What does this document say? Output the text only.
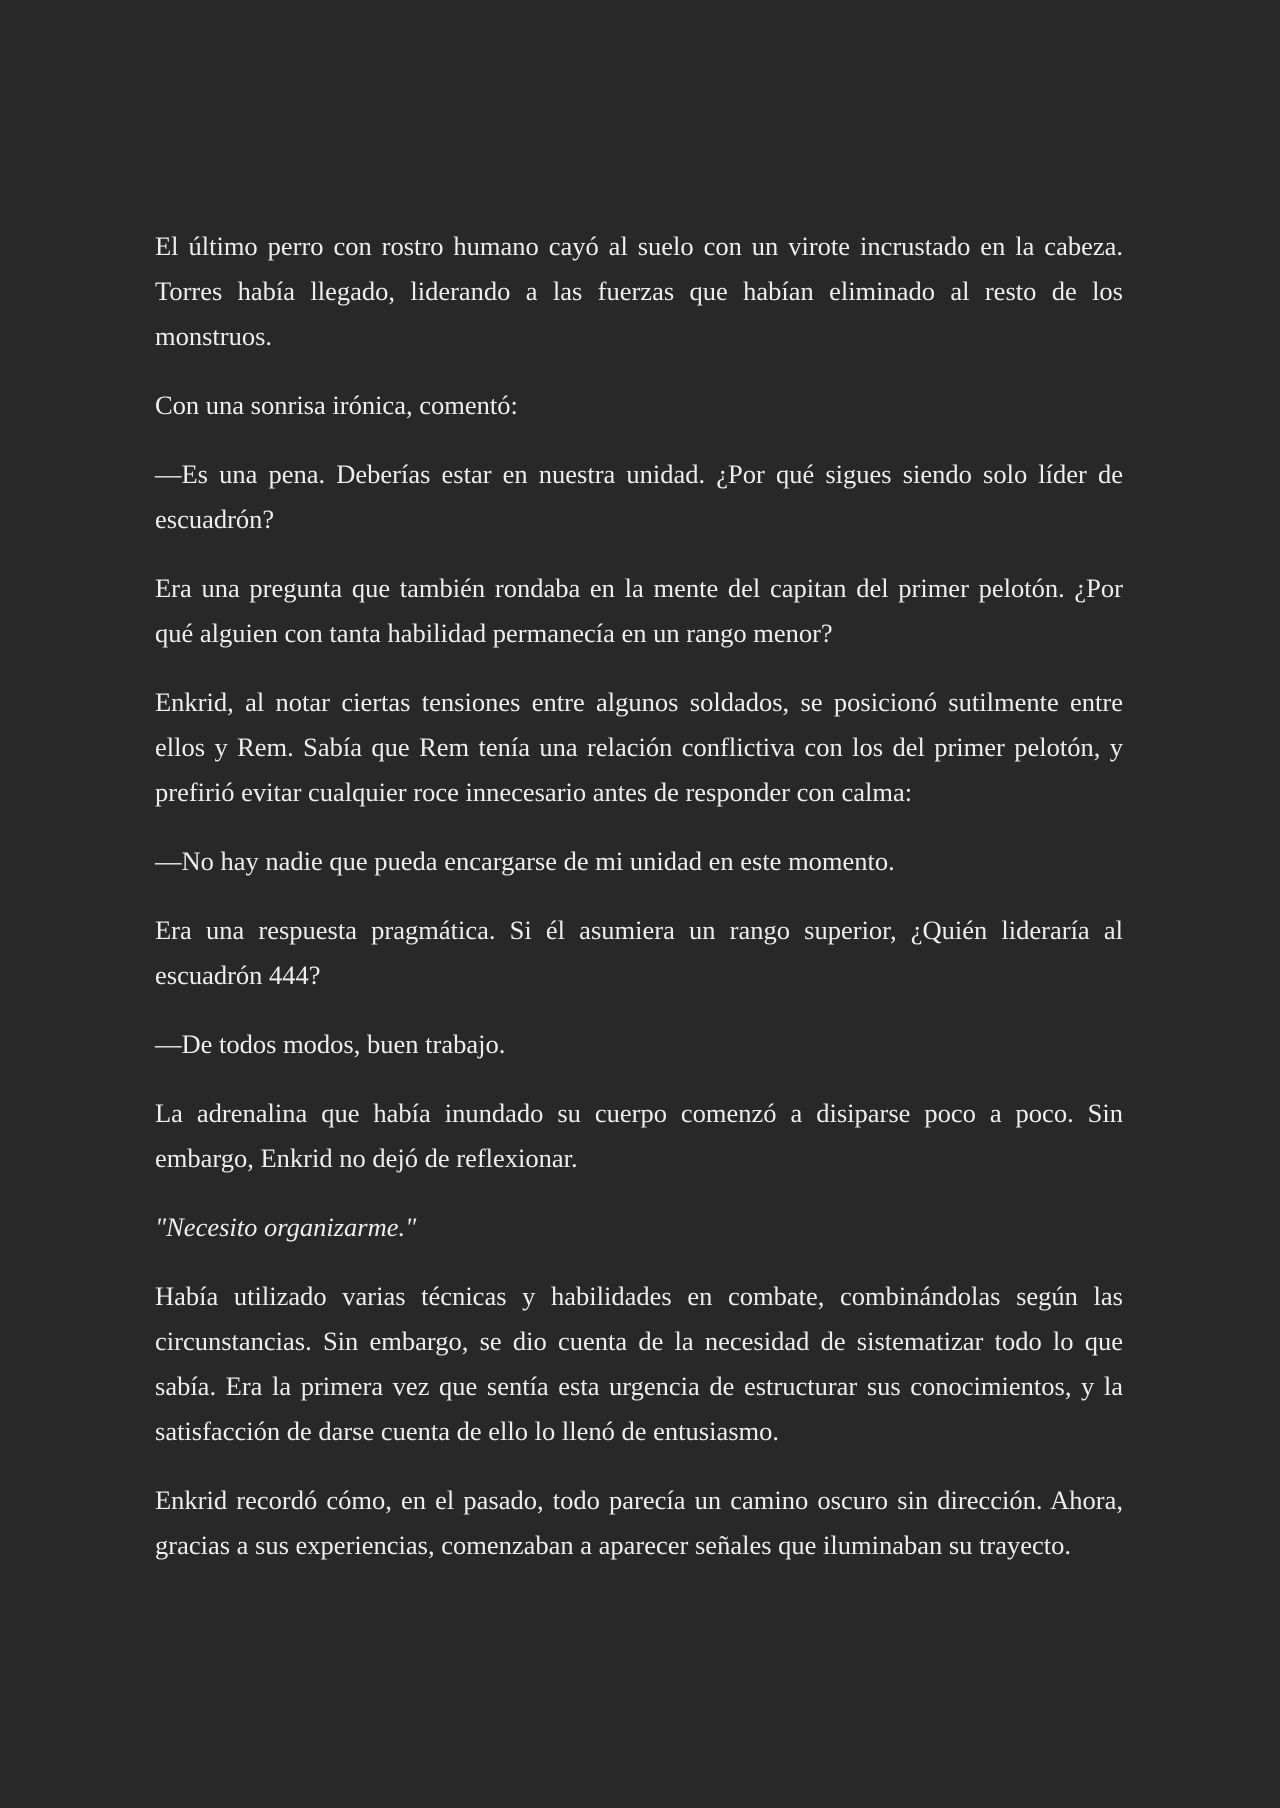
El último perro con rostro humano cayó al suelo con un virote incrustado en la cabeza. Torres había llegado, liderando a las fuerzas que habían eliminado al resto de los monstruos.

Con una sonrisa irónica, comentó:

—Es una pena. Deberías estar en nuestra unidad. ¿Por qué sigues siendo solo líder de escuadrón?

Era una pregunta que también rondaba en la mente del capitan del primer pelotón. ¿Por qué alguien con tanta habilidad permanecía en un rango menor?

Enkrid, al notar ciertas tensiones entre algunos soldados, se posicionó sutilmente entre ellos y Rem. Sabía que Rem tenía una relación conflictiva con los del primer pelotón, y prefirió evitar cualquier roce innecesario antes de responder con calma:

—No hay nadie que pueda encargarse de mi unidad en este momento.

Era una respuesta pragmática. Si él asumiera un rango superior, ¿Quién lideraría al escuadrón 444?

—De todos modos, buen trabajo.

La adrenalina que había inundado su cuerpo comenzó a disiparse poco a poco. Sin embargo, Enkrid no dejó de reflexionar.

"Necesito organizarme."

Había utilizado varias técnicas y habilidades en combate, combinándolas según las circunstancias. Sin embargo, se dio cuenta de la necesidad de sistematizar todo lo que sabía. Era la primera vez que sentía esta urgencia de estructurar sus conocimientos, y la satisfacción de darse cuenta de ello lo llenó de entusiasmo.

Enkrid recordó cómo, en el pasado, todo parecía un camino oscuro sin dirección. Ahora, gracias a sus experiencias, comenzaban a aparecer señales que iluminaban su trayecto.
